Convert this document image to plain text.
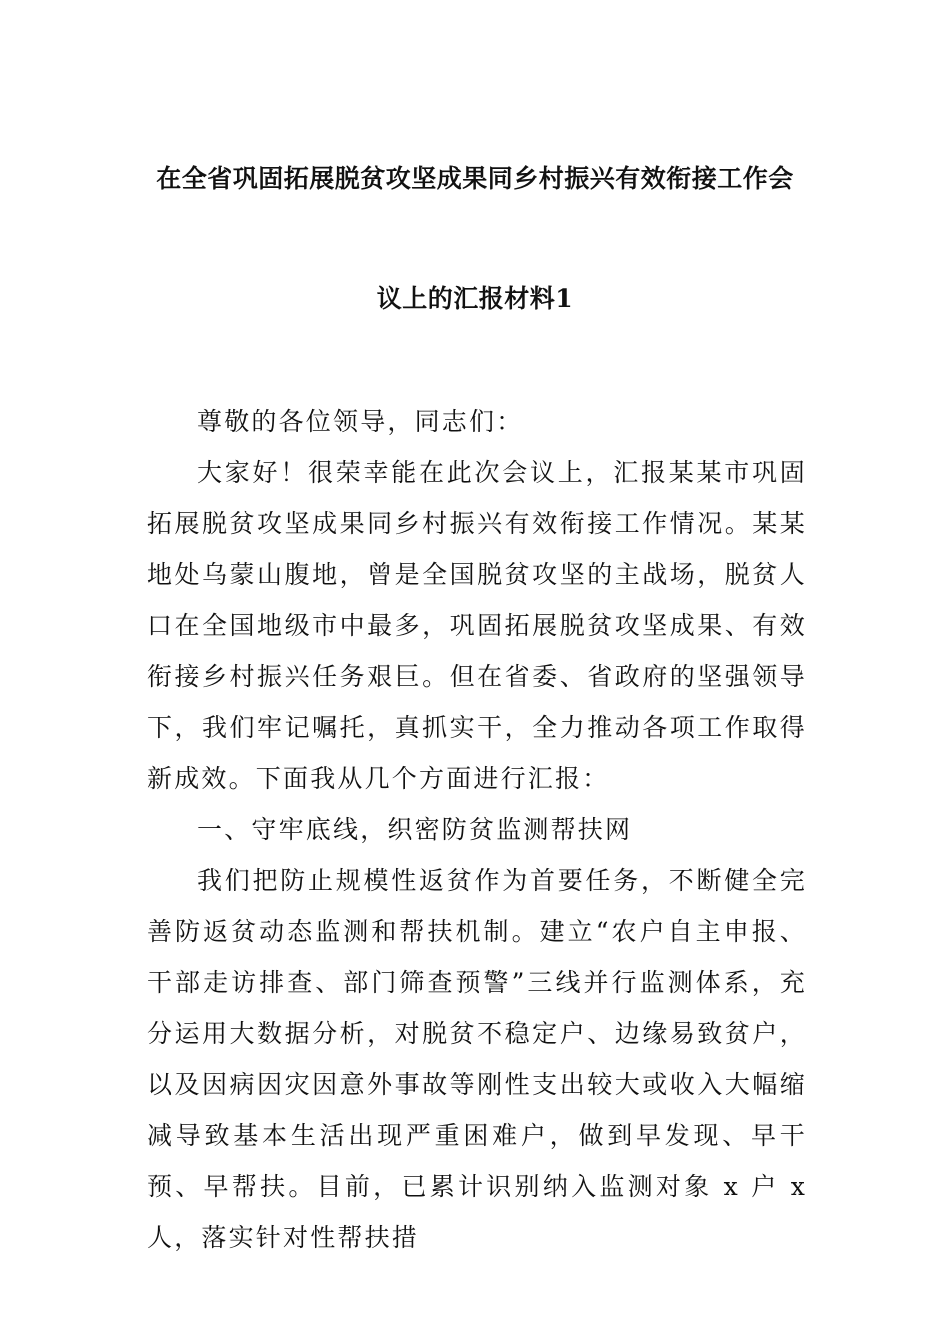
在全省巩固拓展脱贫攻坚成果同乡村振兴有效衔接工作会
议上的汇报材料1

尊敬的各位领导，同志们：

大家好！很荣幸能在此次会议上，汇报某某市巩固拓展脱贫攻坚成果同乡村振兴有效衔接工作情况。某某地处乌蒙山腹地，曾是全国脱贫攻坚的主战场，脱贫人口在全国地级市中最多，巩固拓展脱贫攻坚成果、有效衔接乡村振兴任务艰巨。但在省委、省政府的坚强领导下，我们牢记嘱托，真抓实干，全力推动各项工作取得新成效。下面我从几个方面进行汇报：

一、守牢底线，织密防贫监测帮扶网

我们把防止规模性返贫作为首要任务，不断健全完善防返贫动态监测和帮扶机制。建立“农户自主申报、干部走访排查、部门筛查预警”三线并行监测体系，充分运用大数据分析，对脱贫不稳定户、边缘易致贫户，以及因病因灾因意外事故等刚性支出较大或收入大幅缩减导致基本生活出现严重困难户，做到早发现、早干预、早帮扶。目前，已累计识别纳入监测对象 x 户 x 人，落实针对性帮扶措
